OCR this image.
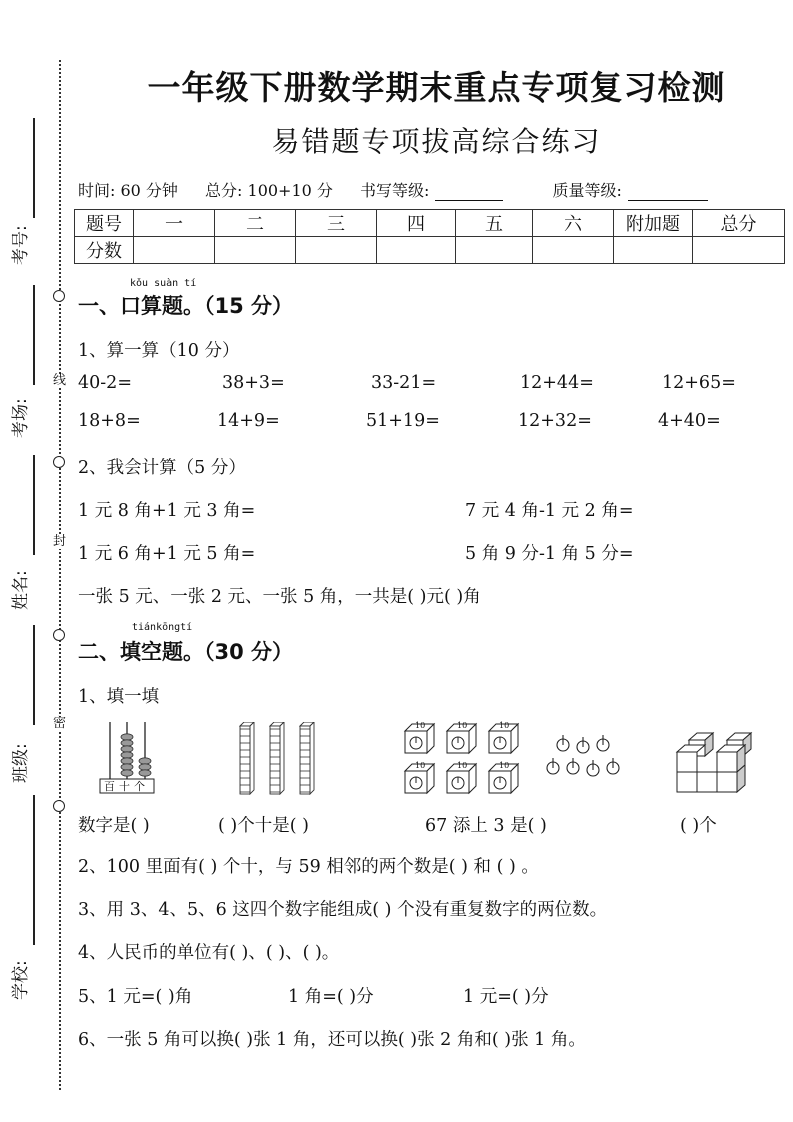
线
封
密
考号:
考场:
姓名:
班级:
学校:
一年级下册数学期末重点专项复习检测
易错题专项拔高综合练习
时间: 60 分钟 总分: 100+10 分 书写等级:	质量等级:
题号	一	二	三	四	五	六	附加题	总分
分数								
kǒu suàn tí
一、口算题。（15 分）
1、算一算（10 分）
40-2=	38+3=	33-21=	12+44=	12+65=
18+8=	14+9=	51+19=	12+32=	4+40=
2、我会计算（5 分）
1 元 8 角+1 元 3 角=	7 元 4 角-1 元 2 角=
1 元 6 角+1 元 5 角=	5 角 9 分-1 角 5 分=
一张 5 元、一张 2 元、一张 5 角，一共是( )元( )角
tiánkōngtí
二、填空题。（30 分）
1、填一填
百十个
10	10	10
10	10	10
数字是( )	( )个十是( )	67 添上 3 是( )	( )个
2、100 里面有( ) 个十，与 59 相邻的两个数是( ) 和 ( ) 。
3、用 3、4、5、6 这四个数字能组成( ) 个没有重复数字的两位数。
4、人民币的单位有( )、( )、( )。
5、1 元=( )角	1 角=( )分	1 元=( )分
6、一张 5 角可以换( )张 1 角，还可以换( )张 2 角和( )张 1 角。
